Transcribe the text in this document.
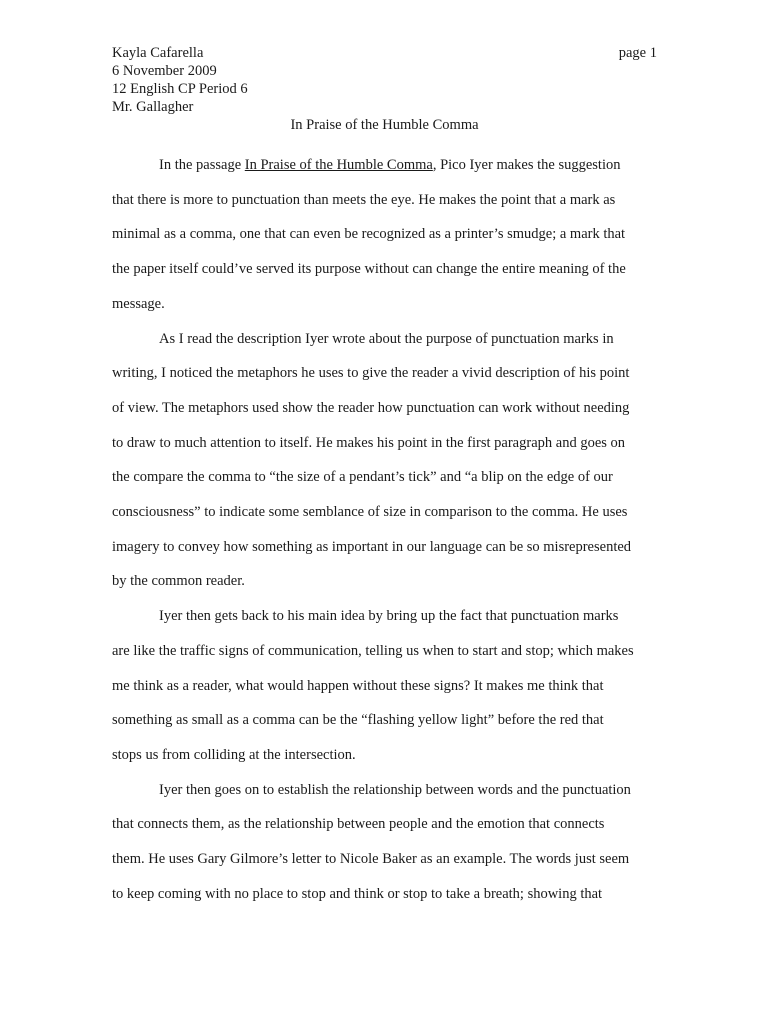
Kayla Cafarella	page 1
6 November 2009
12 English CP Period 6
Mr. Gallagher
In Praise of the Humble Comma
In the passage In Praise of the Humble Comma, Pico Iyer makes the suggestion
that there is more to punctuation than meets the eye. He makes the point that a mark as
minimal as a comma, one that can even be recognized as a printer’s smudge; a mark that
the paper itself could’ve served its purpose without can change the entire meaning of the
message.
As I read the description Iyer wrote about the purpose of punctuation marks in
writing, I noticed the metaphors he uses to give the reader a vivid description of his point
of view. The metaphors used show the reader how punctuation can work without needing
to draw to much attention to itself. He makes his point in the first paragraph and goes on
the compare the comma to “the size of a pendant’s tick” and “a blip on the edge of our
consciousness” to indicate some semblance of size in comparison to the comma. He uses
imagery to convey how something as important in our language can be so misrepresented
by the common reader.
Iyer then gets back to his main idea by bring up the fact that punctuation marks
are like the traffic signs of communication, telling us when to start and stop; which makes
me think as a reader, what would happen without these signs? It makes me think that
something as small as a comma can be the “flashing yellow light” before the red that
stops us from colliding at the intersection.
Iyer then goes on to establish the relationship between words and the punctuation
that connects them, as the relationship between people and the emotion that connects
them. He uses Gary Gilmore’s letter to Nicole Baker as an example. The words just seem
to keep coming with no place to stop and think or stop to take a breath; showing that
